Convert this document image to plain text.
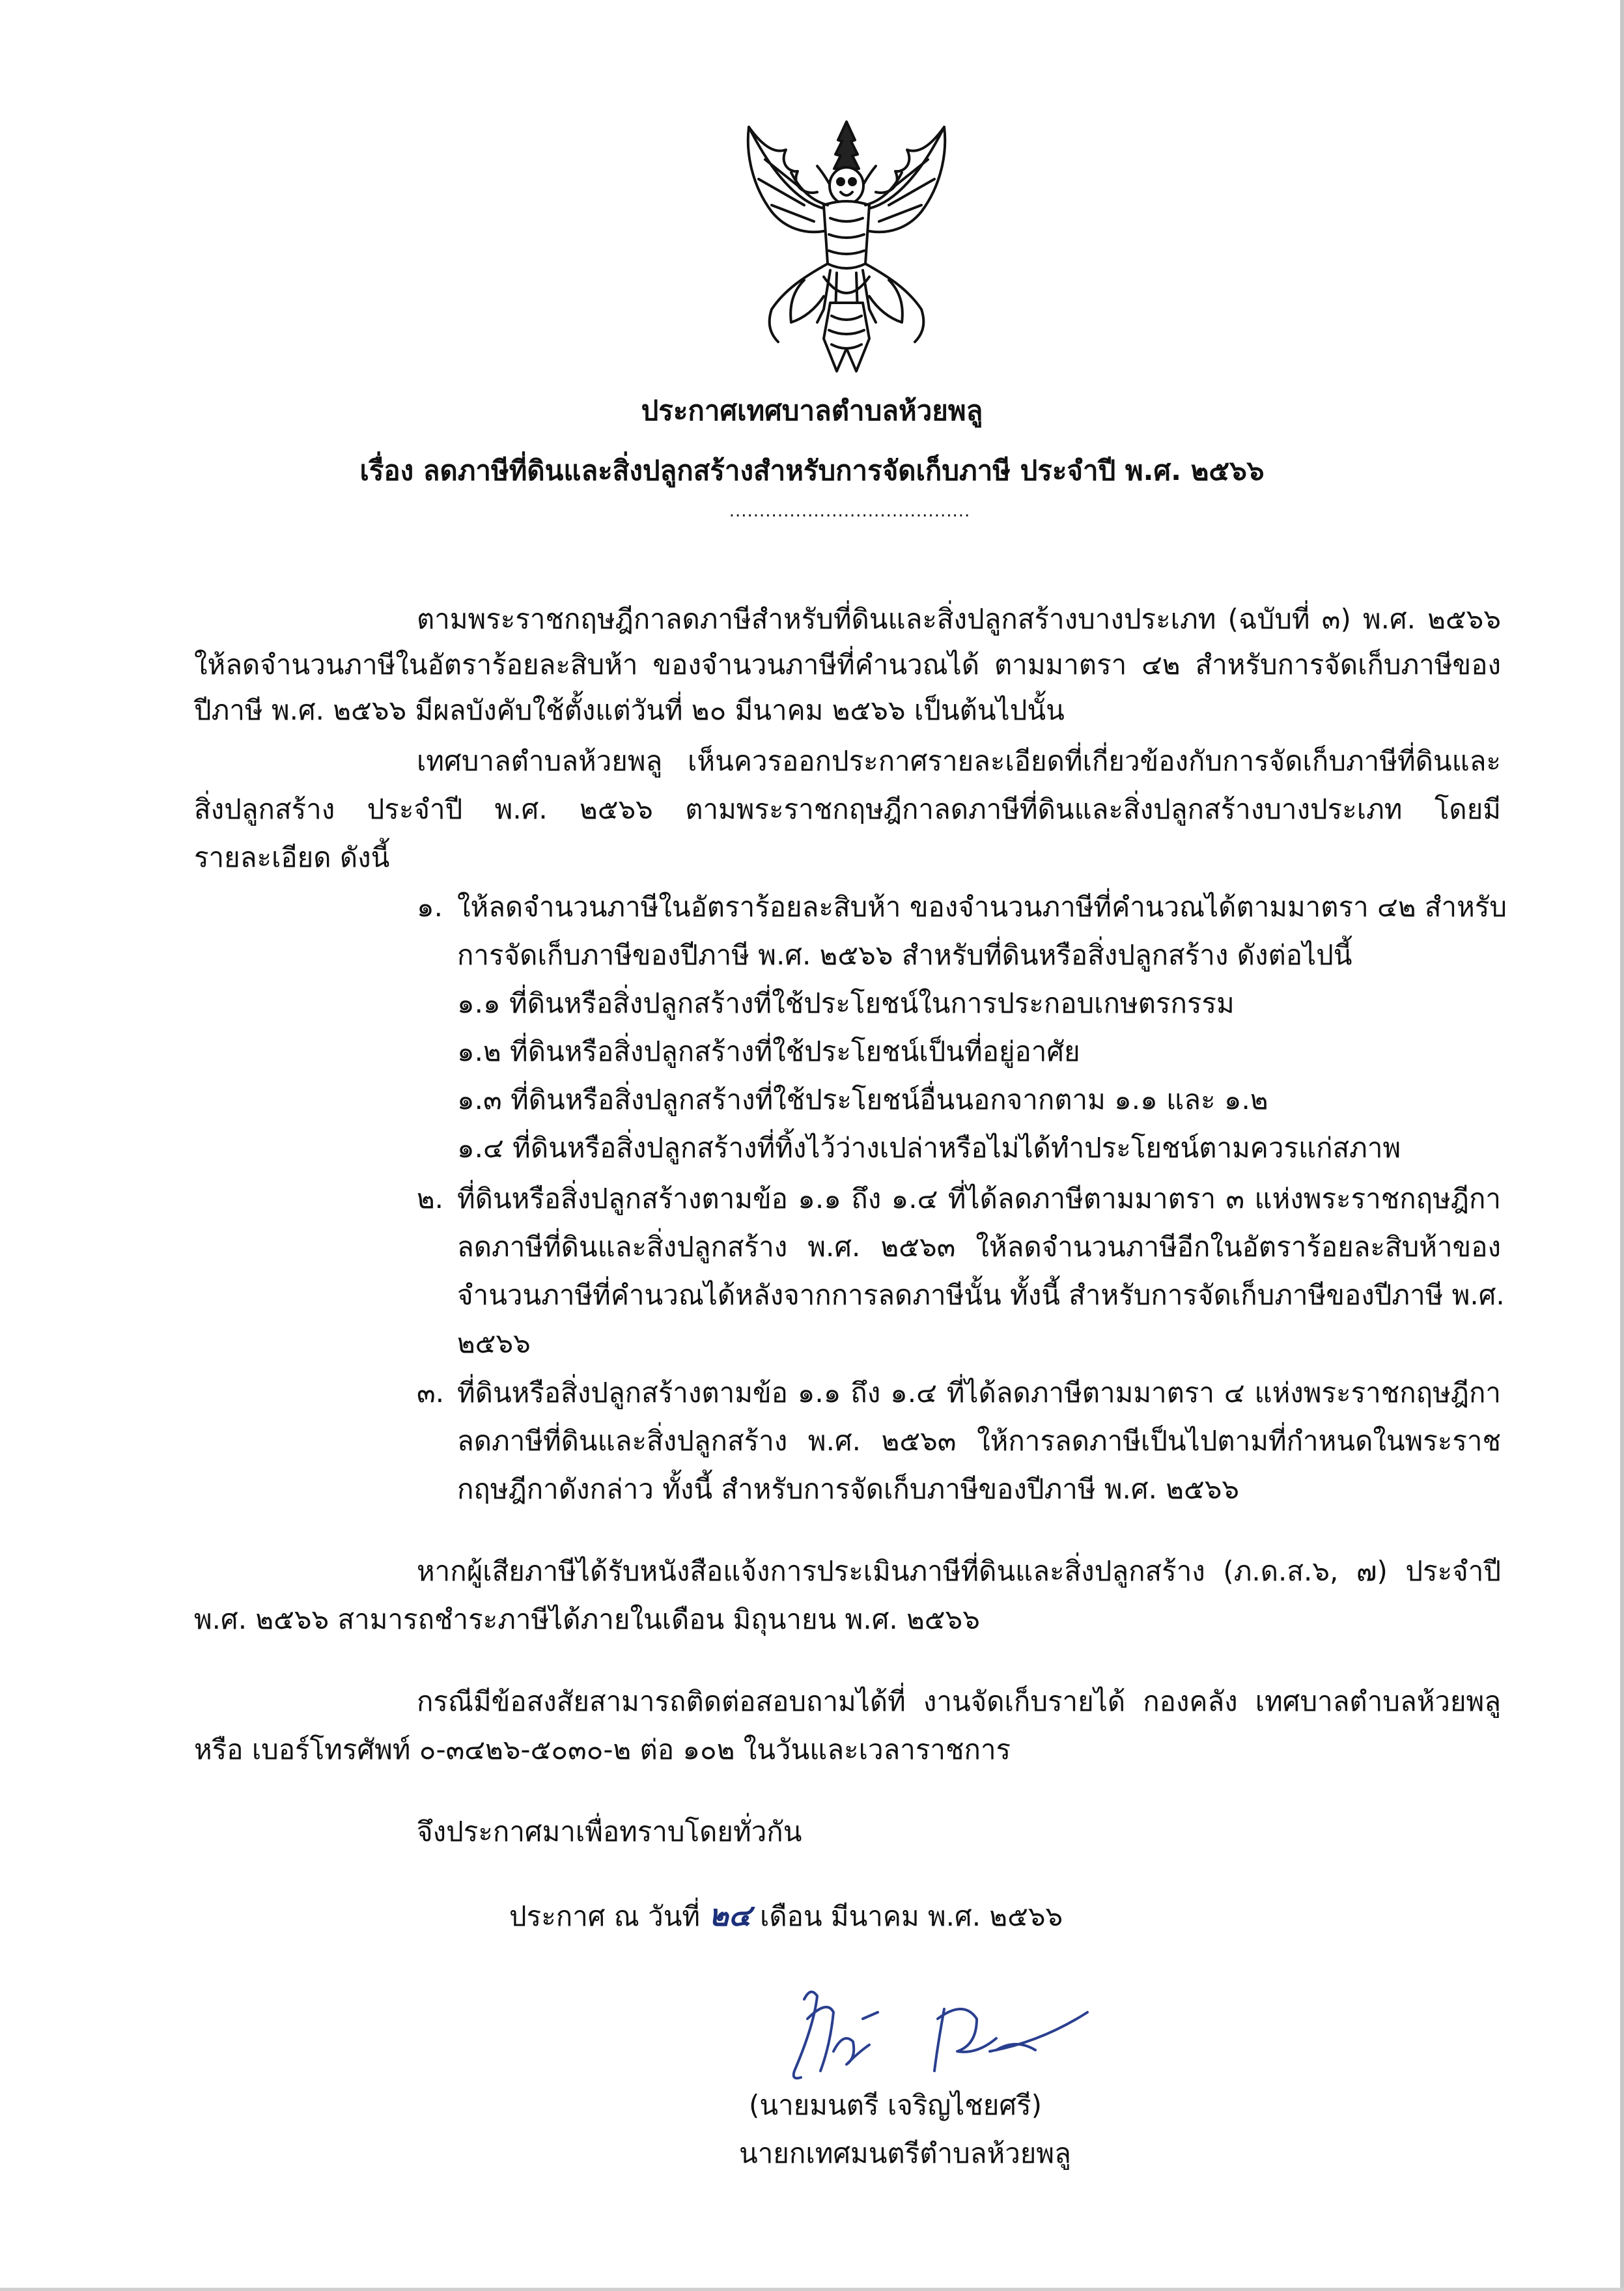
ประกาศเทศบาลตำบลห้วยพลู
เรื่อง ลดภาษีที่ดินและสิ่งปลูกสร้างสำหรับการจัดเก็บภาษี ประจำปี พ.ศ. ๒๕๖๖
........................................
ตามพระราชกฤษฎีกาลดภาษีสำหรับที่ดินและสิ่งปลูกสร้างบางประเภท (ฉบับที่ ๓) พ.ศ. ๒๕๖๖
ให้ลดจำนวนภาษีในอัตราร้อยละสิบห้า ของจำนวนภาษีที่คำนวณได้ ตามมาตรา ๔๒ สำหรับการจัดเก็บภาษีของ
ปีภาษี พ.ศ. ๒๕๖๖ มีผลบังคับใช้ตั้งแต่วันที่ ๒๐ มีนาคม ๒๕๖๖ เป็นต้นไปนั้น
เทศบาลตำบลห้วยพลู เห็นควรออกประกาศรายละเอียดที่เกี่ยวข้องกับการจัดเก็บภาษีที่ดินและ
สิ่งปลูกสร้าง ประจำปี พ.ศ. ๒๕๖๖ ตามพระราชกฤษฎีกาลดภาษีที่ดินและสิ่งปลูกสร้างบางประเภท โดยมี
รายละเอียด ดังนี้
๑. ให้ลดจำนวนภาษีในอัตราร้อยละสิบห้า ของจำนวนภาษีที่คำนวณได้ตามมาตรา ๔๒ สำหรับ
การจัดเก็บภาษีของปีภาษี พ.ศ. ๒๕๖๖ สำหรับที่ดินหรือสิ่งปลูกสร้าง ดังต่อไปนี้
๑.๑ ที่ดินหรือสิ่งปลูกสร้างที่ใช้ประโยชน์ในการประกอบเกษตรกรรม
๑.๒ ที่ดินหรือสิ่งปลูกสร้างที่ใช้ประโยชน์เป็นที่อยู่อาศัย
๑.๓ ที่ดินหรือสิ่งปลูกสร้างที่ใช้ประโยชน์อื่นนอกจากตาม ๑.๑ และ ๑.๒
๑.๔ ที่ดินหรือสิ่งปลูกสร้างที่ทิ้งไว้ว่างเปล่าหรือไม่ได้ทำประโยชน์ตามควรแก่สภาพ
๒. ที่ดินหรือสิ่งปลูกสร้างตามข้อ ๑.๑ ถึง ๑.๔ ที่ได้ลดภาษีตามมาตรา ๓ แห่งพระราชกฤษฎีกา
ลดภาษีที่ดินและสิ่งปลูกสร้าง พ.ศ. ๒๕๖๓ ให้ลดจำนวนภาษีอีกในอัตราร้อยละสิบห้าของ
จำนวนภาษีที่คำนวณได้หลังจากการลดภาษีนั้น ทั้งนี้ สำหรับการจัดเก็บภาษีของปีภาษี พ.ศ.
๒๕๖๖
๓. ที่ดินหรือสิ่งปลูกสร้างตามข้อ ๑.๑ ถึง ๑.๔ ที่ได้ลดภาษีตามมาตรา ๔ แห่งพระราชกฤษฎีกา
ลดภาษีที่ดินและสิ่งปลูกสร้าง พ.ศ. ๒๕๖๓ ให้การลดภาษีเป็นไปตามที่กำหนดในพระราช
กฤษฎีกาดังกล่าว ทั้งนี้ สำหรับการจัดเก็บภาษีของปีภาษี พ.ศ. ๒๕๖๖
หากผู้เสียภาษีได้รับหนังสือแจ้งการประเมินภาษีที่ดินและสิ่งปลูกสร้าง (ภ.ด.ส.๖, ๗) ประจำปี
พ.ศ. ๒๕๖๖ สามารถชำระภาษีได้ภายในเดือน มิถุนายน พ.ศ. ๒๕๖๖
กรณีมีข้อสงสัยสามารถติดต่อสอบถามได้ที่ งานจัดเก็บรายได้ กองคลัง เทศบาลตำบลห้วยพลู
หรือ เบอร์โทรศัพท์ ๐-๓๔๒๖-๕๐๓๐-๒ ต่อ ๑๐๒ ในวันและเวลาราชการ
จึงประกาศมาเพื่อทราบโดยทั่วกัน
ประกาศ ณ วันที่ ๒๔ เดือน มีนาคม พ.ศ. ๒๕๖๖
(นายมนตรี เจริญไชยศรี)
นายกเทศมนตรีตำบลห้วยพลู
